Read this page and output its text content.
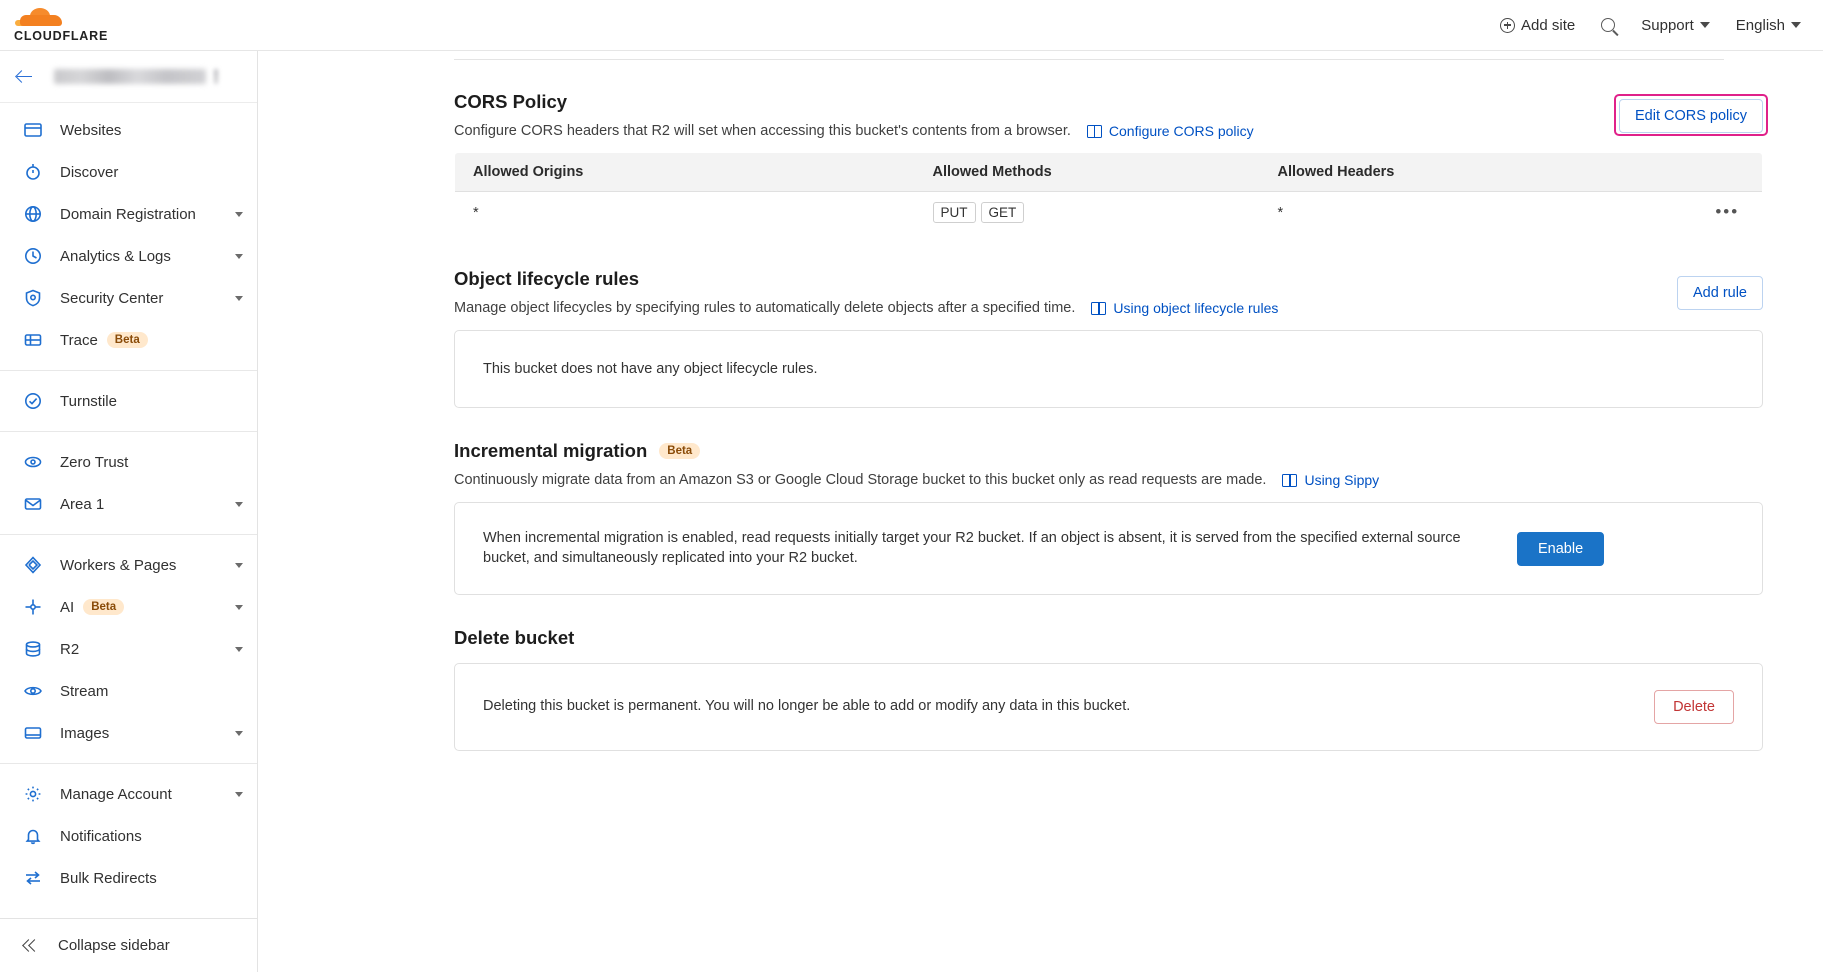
CLOUDFLARE
Add site	Support	English
Websites
Discover
Domain Registration
Analytics & Logs
Security Center
Trace	Beta
Turnstile
Zero Trust
Area 1
Workers & Pages
AI	Beta
R2
Stream
Images
Manage Account
Notifications
Bulk Redirects
Collapse sidebar
CORS Policy
Configure CORS headers that R2 will set when accessing this bucket's contents from a browser.	Configure CORS policy
Edit CORS policy
Allowed Origins	Allowed Methods	Allowed Headers	
*	PUT GET	*	•••
Object lifecycle rules
Manage object lifecycles by specifying rules to automatically delete objects after a specified time.	Using object lifecycle rules
Add rule
This bucket does not have any object lifecycle rules.
Incremental migration	Beta
Continuously migrate data from an Amazon S3 or Google Cloud Storage bucket to this bucket only as read requests are made.	Using Sippy
When incremental migration is enabled, read requests initially target your R2 bucket. If an object is absent, it is served from the specified external source bucket, and simultaneously replicated into your R2 bucket.
Enable
Delete bucket
Deleting this bucket is permanent. You will no longer be able to add or modify any data in this bucket.	Delete
